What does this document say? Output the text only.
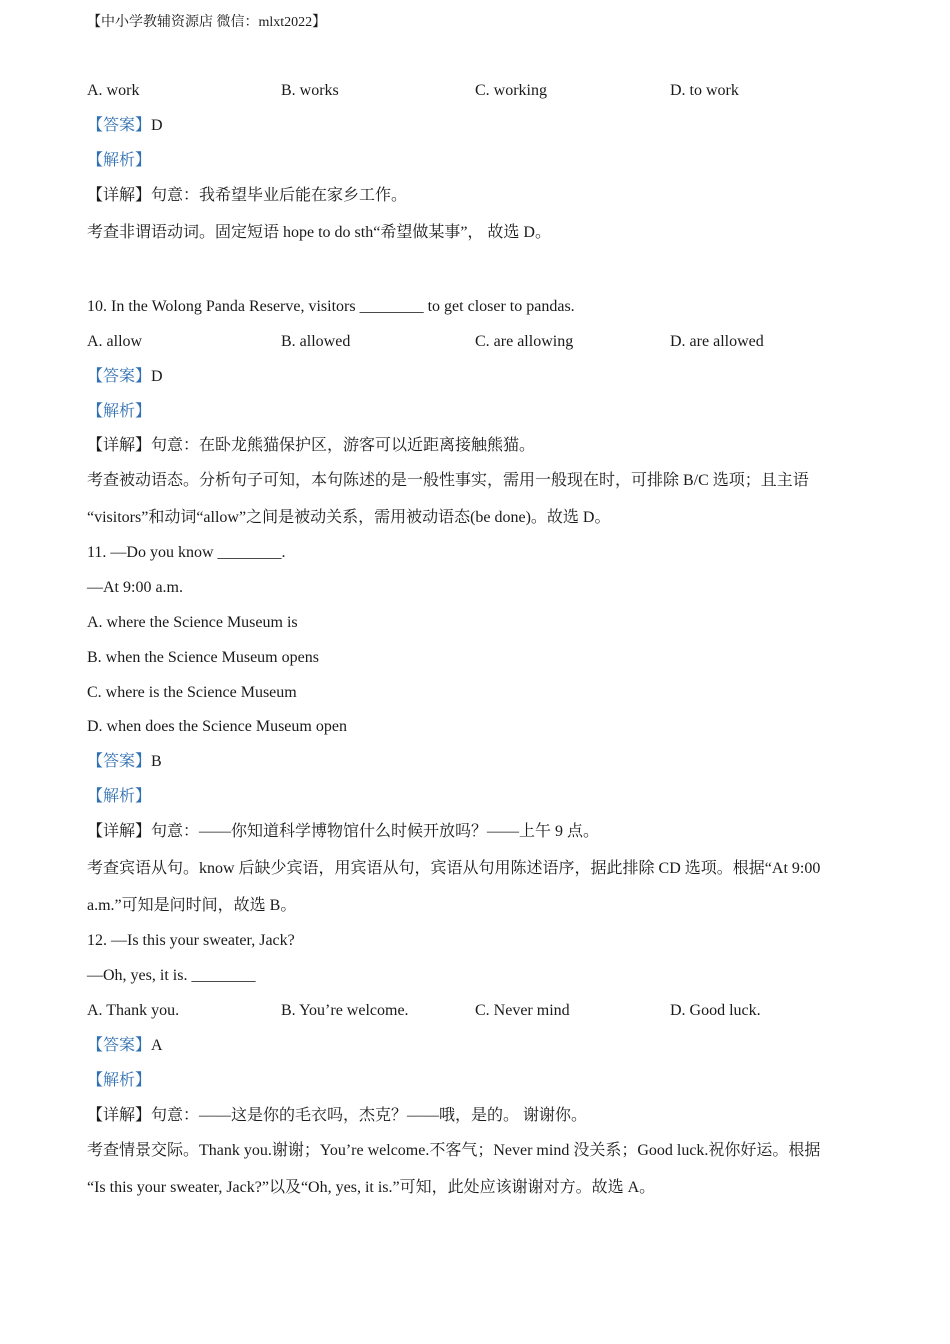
【中小学教辅资源店 微信：mlxt2022】
A. work	B. works	C. working	D. to work
【答案】D
【解析】
【详解】句意：我希望毕业后能在家乡工作。
考查非谓语动词。固定短语 hope to do sth“希望做某事”， 故选 D。
10. In the Wolong Panda Reserve, visitors ________ to get closer to pandas.
A. allow	B. allowed	C. are allowing	D. are allowed
【答案】D
【解析】
【详解】句意：在卧龙熊猫保护区，游客可以近距离接触熊猫。
考查被动语态。分析句子可知，本句陈述的是一般性事实，需用一般现在时，可排除 B/C 选项；且主语
“visitors”和动词“allow”之间是被动关系，需用被动语态(be done)。故选 D。
11. —Do you know ________.
—At 9:00 a.m.
A. where the Science Museum is
B. when the Science Museum opens
C. where is the Science Museum
D. when does the Science Museum open
【答案】B
【解析】
【详解】句意：——你知道科学博物馆什么时候开放吗？——上午 9 点。
考查宾语从句。know 后缺少宾语，用宾语从句，宾语从句用陈述语序，据此排除 CD 选项。根据“At 9:00
a.m.”可知是问时间，故选 B。
12. —Is this your sweater, Jack?
—Oh, yes, it is. ________
A. Thank you.	B. You’re welcome.	C. Never mind	D. Good luck.
【答案】A
【解析】
【详解】句意：——这是你的毛衣吗，杰克？——哦，是的。 谢谢你。
考查情景交际。Thank you.谢谢；You’re welcome.不客气；Never mind 没关系；Good luck.祝你好运。根据
“Is this your sweater, Jack?”以及“Oh, yes, it is.”可知，此处应该谢谢对方。故选 A。
